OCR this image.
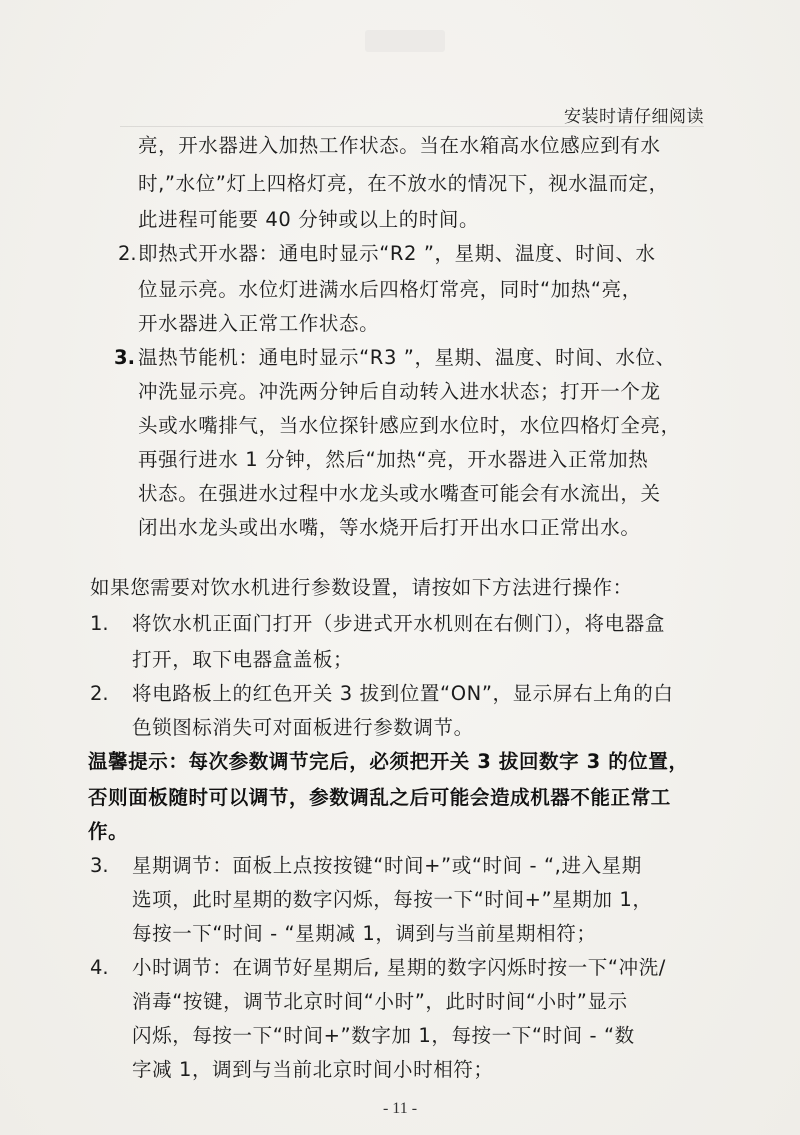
安装时请仔细阅读
亮，开水器进入加热工作状态。当在水箱高水位感应到有水
时,”水位”灯上四格灯亮，在不放水的情况下，视水温而定，
此进程可能要 40 分钟或以上的时间。
2. 即热式开水器：通电时显示“R2 ”，星期、温度、时间、水
位显示亮。水位灯进满水后四格灯常亮，同时“加热“亮，
开水器进入正常工作状态。
3. 温热节能机：通电时显示“R3 ”，星期、温度、时间、水位、
冲洗显示亮。冲洗两分钟后自动转入进水状态；打开一个龙
头或水嘴排气，当水位探针感应到水位时，水位四格灯全亮，
再强行进水 1 分钟，然后“加热“亮，开水器进入正常加热
状态。在强进水过程中水龙头或水嘴查可能会有水流出，关
闭出水龙头或出水嘴，等水烧开后打开出水口正常出水。
如果您需要对饮水机进行参数设置，请按如下方法进行操作：
1. 将饮水机正面门打开（步进式开水机则在右侧门），将电器盒
打开，取下电器盒盖板；
2. 将电路板上的红色开关 3 拔到位置“ON”，显示屏右上角的白
色锁图标消失可对面板进行参数调节。
温馨提示：每次参数调节完后，必须把开关 3 拔回数字 3 的位置，
否则面板随时可以调节，参数调乱之后可能会造成机器不能正常工
作。
3. 星期调节：面板上点按按键“时间+”或“时间 - “,进入星期
选项，此时星期的数字闪烁，每按一下“时间+”星期加 1，
每按一下“时间 - “星期减 1，调到与当前星期相符；
4. 小时调节：在调节好星期后, 星期的数字闪烁时按一下“冲洗/
消毒“按键，调节北京时间“小时”，此时时间“小时”显示
闪烁，每按一下“时间+”数字加 1，每按一下“时间 - “数
字减 1，调到与当前北京时间小时相符；
- 11 -
